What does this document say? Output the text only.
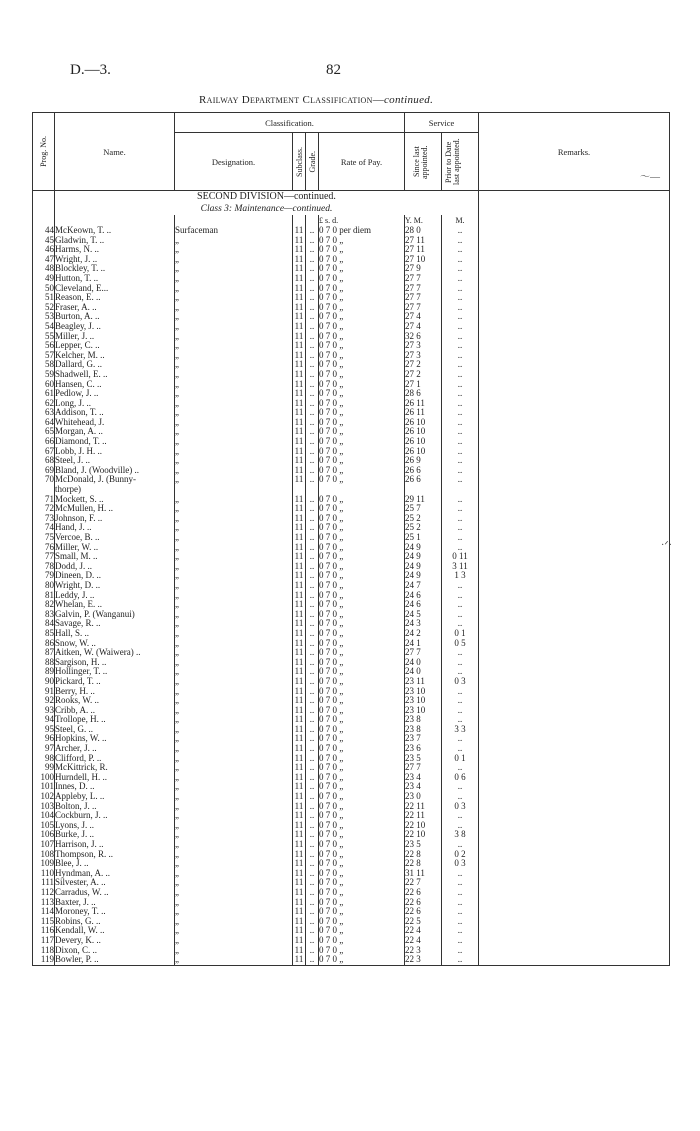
D.—3.	82
Railway Department Classification—continued.
Prog. No.	Name.	Classification.				Service		Remarks.
		Designation.	Subclass.	Grade.	Rate of Pay.	Since last appointed.	Prior to Date last appointed.	

	SECOND DIVISION—continued.							
	Class 3: Maintenance—continued.							
					£ s. d.	Y. M.	M.	
44	McKeown, T. ..	Surfaceman	11	..	0 7 0 per diem	28 0	..	
45	Gladwin, T. ..	„	11	..	0 7 0 „	27 11	..	
46	Harms, N. ..	„	11	..	0 7 0 „	27 11	..	
47	Wright, J. ..	„	11	..	0 7 0 „	27 10	..	
48	Blockley, T. ..	„	11	..	0 7 0 „	27 9	..	
49	Hutton, T. ..	„	11	..	0 7 0 „	27 7	..	
50	Cleveland, E...	„	11	..	0 7 0 „	27 7	..	
51	Reason, E. ..	„	11	..	0 7 0 „	27 7	..	
52	Fraser, A. ..	„	11	..	0 7 0 „	27 7	..	
53	Burton, A. ..	„	11	..	0 7 0 „	27 4	..	
54	Beagley, J. ..	„	11	..	0 7 0 „	27 4	..	
55	Miller, J. ..	„	11	..	0 7 0 „	32 6	..	
56	Lepper, C. ..	„	11	..	0 7 0 „	27 3	..	
57	Kelcher, M. ..	„	11	..	0 7 0 „	27 3	..	
58	Dallard, G. ..	„	11	..	0 7 0 „	27 2	..	
59	Shadwell, E. ..	„	11	..	0 7 0 „	27 2	..	
60	Hansen, C. ..	„	11	..	0 7 0 „	27 1	..	
61	Pedlow, J. ..	„	11	..	0 7 0 „	28 6	..	
62	Long, J. ..	„	11	..	0 7 0 „	26 11	..	
63	Addison, T. ..	„	11	..	0 7 0 „	26 11	..	
64	Whitehead, J.	„	11	..	0 7 0 „	26 10	..	
65	Morgan, A. ..	„	11	..	0 7 0 „	26 10	..	
66	Diamond, T. ..	„	11	..	0 7 0 „	26 10	..	
67	Lobb, J. H. ..	„	11	..	0 7 0 „	26 10	..	
68	Steel, J. ..	„	11	..	0 7 0 „	26 9	..	
69	Bland, J. (Woodville) ..	„	11	..	0 7 0 „	26 6	..	
70	McDonald, J. (Bunny-	„	11	..	0 7 0 „	26 6	..	
	thorpe)							
71	Mockett, S. ..	„	11	..	0 7 0 „	29 11	..	
72	McMullen, H. ..	„	11	..	0 7 0 „	25 7	..	
73	Johnson, F. ..	„	11	..	0 7 0 „	25 2	..	
74	Hand, J. ..	„	11	..	0 7 0 „	25 2	..	
75	Vercoe, B. ..	„	11	..	0 7 0 „	25 1	..	
76	Miller, W. ..	„	11	..	0 7 0 „	24 9	..	
77	Small, M. ..	„	11	..	0 7 0 „	24 9	0 11	
78	Dodd, J. ..	„	11	..	0 7 0 „	24 9	3 11	
79	Dineen, D. ..	„	11	..	0 7 0 „	24 9	1 3	
80	Wright, D. ..	„	11	..	0 7 0 „	24 7	..	
81	Leddy, J. ..	„	11	..	0 7 0 „	24 6	..	
82	Whelan, E. ..	„	11	..	0 7 0 „	24 6	..	
83	Galvin, P. (Wanganui)	„	11	..	0 7 0 „	24 5	..	
84	Savage, R. ..	„	11	..	0 7 0 „	24 3	..	
85	Hall, S. ..	„	11	..	0 7 0 „	24 2	0 1	
86	Snow, W. ..	„	11	..	0 7 0 „	24 1	0 5	
87	Aitken, W. (Waiwera) ..	„	11	..	0 7 0 „	27 7	..	
88	Sargison, H. ..	„	11	..	0 7 0 „	24 0	..	
89	Hollinger, T. ..	„	11	..	0 7 0 „	24 0	..	
90	Pickard, T. ..	„	11	..	0 7 0 „	23 11	0 3	
91	Berry, H. ..	„	11	..	0 7 0 „	23 10	..	
92	Rooks, W. ..	„	11	..	0 7 0 „	23 10	..	
93	Cribb, A. ..	„	11	..	0 7 0 „	23 10	..	
94	Trollope, H. ..	„	11	..	0 7 0 „	23 8	..	
95	Steel, G. ..	„	11	..	0 7 0 „	23 8	3 3	
96	Hopkins, W. ..	„	11	..	0 7 0 „	23 7	..	
97	Archer, J. ..	„	11	..	0 7 0 „	23 6	..	
98	Clifford, P. ..	„	11	..	0 7 0 „	23 5	0 1	
99	McKittrick, R.	„	11	..	0 7 0 „	27 7	..	
100	Hurndell, H. ..	„	11	..	0 7 0 „	23 4	0 6	
101	Innes, D. ..	„	11	..	0 7 0 „	23 4	..	
102	Appleby, L. ..	„	11	..	0 7 0 „	23 0	..	
103	Bolton, J. ..	„	11	..	0 7 0 „	22 11	0 3	
104	Cockburn, J. ..	„	11	..	0 7 0 „	22 11	..	
105	Lyons, J. ..	„	11	..	0 7 0 „	22 10	..	
106	Burke, J. ..	„	11	..	0 7 0 „	22 10	3 8	
107	Harrison, J. ..	„	11	..	0 7 0 „	23 5	..	
108	Thompson, R. ..	„	11	..	0 7 0 „	22 8	0 2	
109	Blee, J. ..	„	11	..	0 7 0 „	22 8	0 3	
110	Hyndman, A. ..	„	11	..	0 7 0 „	31 11	..	
111	Silvester, A. ..	„	11	..	0 7 0 „	22 7	..	
112	Carradus, W. ..	„	11	..	0 7 0 „	22 6	..	
113	Baxter, J. ..	„	11	..	0 7 0 „	22 6	..	
114	Moroney, T. ..	„	11	..	0 7 0 „	22 6	..	
115	Robins, G. ..	„	11	..	0 7 0 „	22 5	..	
116	Kendall, W. ..	„	11	..	0 7 0 „	22 4	..	
117	Devery, K. ..	„	11	..	0 7 0 „	22 4	..	
118	Dixon, C. ..	„	11	..	0 7 0 „	22 3	..	
119	Bowler, P. ..	„	11	..	0 7 0 „	22 3	..	
〜—
·ᐟ·
